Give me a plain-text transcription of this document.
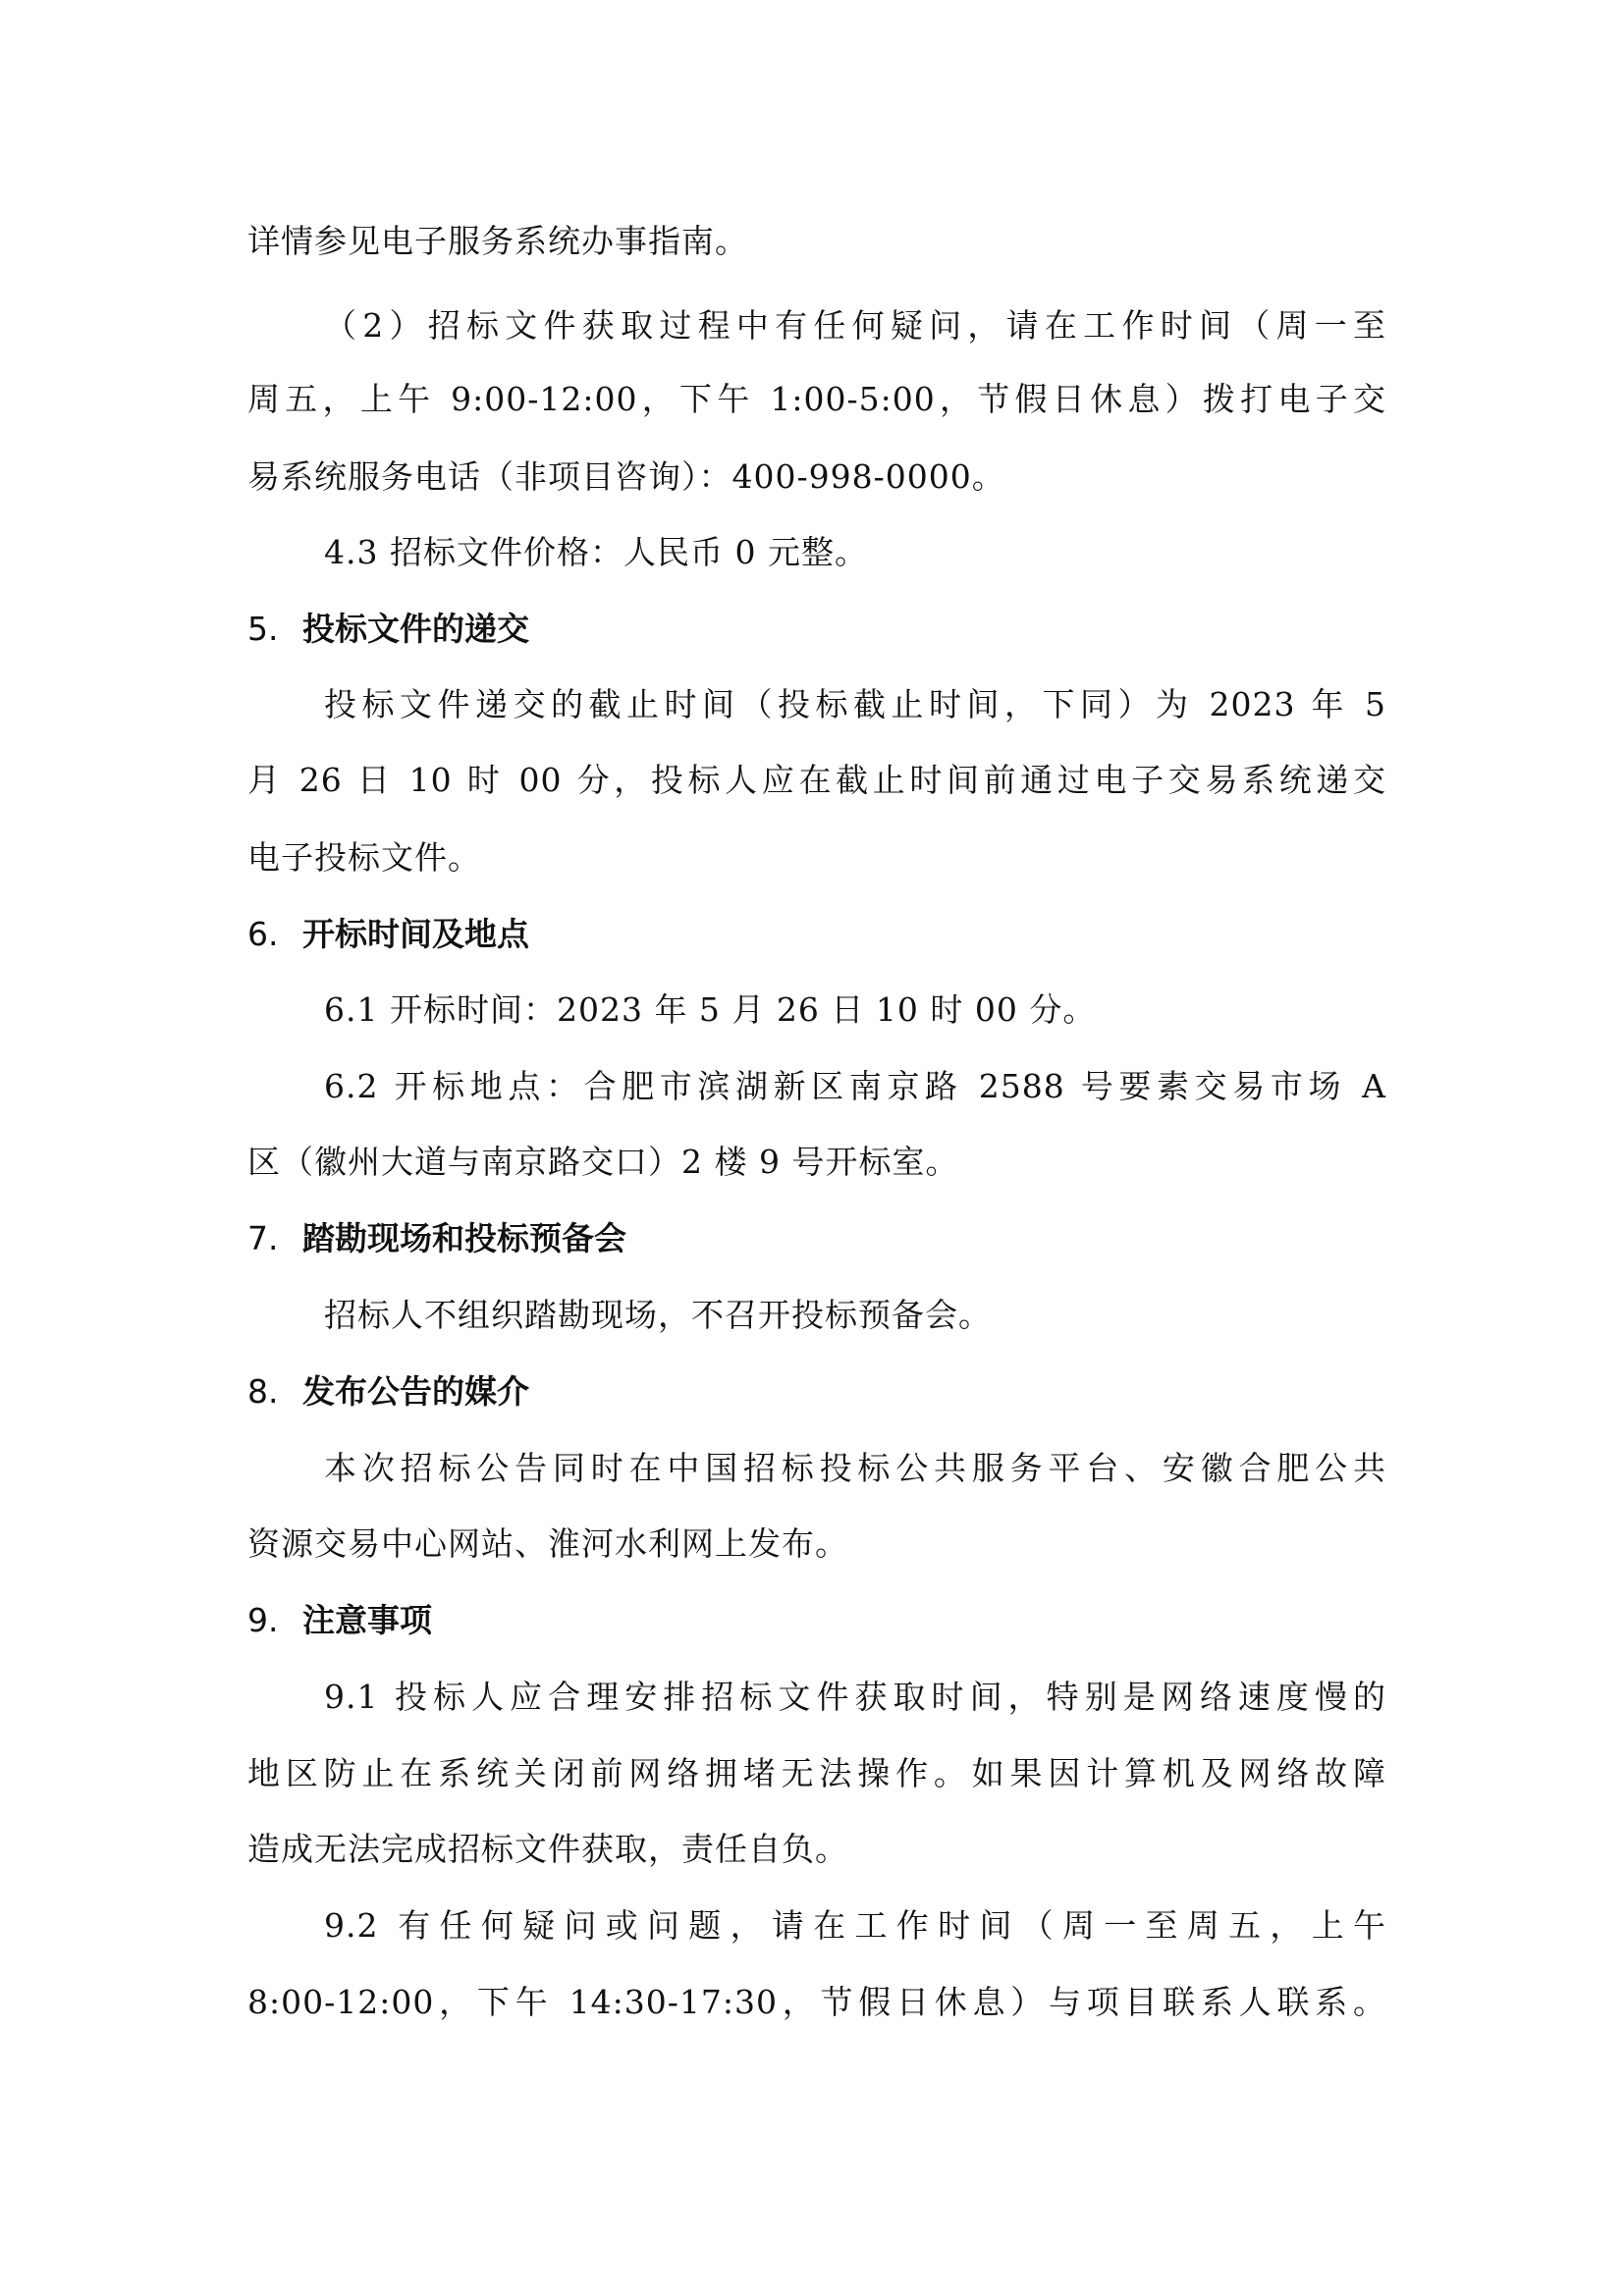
详情参见电子服务系统办事指南。
（2）招标文件获取过程中有任何疑问，请在工作时间（周一至
周五，上午 9:00-12:00，下午 1:00-5:00，节假日休息）拨打电子交
易系统服务电话（非项目咨询）：400-998-0000。
4.3 招标文件价格：人民币 0 元整。
5. 投标文件的递交
投标文件递交的截止时间（投标截止时间，下同）为 2023 年 5
月 26 日 10 时 00 分，投标人应在截止时间前通过电子交易系统递交
电子投标文件。
6. 开标时间及地点
6.1 开标时间：2023 年 5 月 26 日 10 时 00 分。
6.2 开标地点：合肥市滨湖新区南京路 2588 号要素交易市场 A
区（徽州大道与南京路交口）2 楼 9 号开标室。
7. 踏勘现场和投标预备会
招标人不组织踏勘现场，不召开投标预备会。
8. 发布公告的媒介
本次招标公告同时在中国招标投标公共服务平台、安徽合肥公共
资源交易中心网站、淮河水利网上发布。
9. 注意事项
9.1 投标人应合理安排招标文件获取时间，特别是网络速度慢的
地区防止在系统关闭前网络拥堵无法操作。如果因计算机及网络故障
造成无法完成招标文件获取，责任自负。
9.2 有任何疑问或问题，请在工作时间（周一至周五，上午
8:00-12:00，下午 14:30-17:30，节假日休息）与项目联系人联系。
